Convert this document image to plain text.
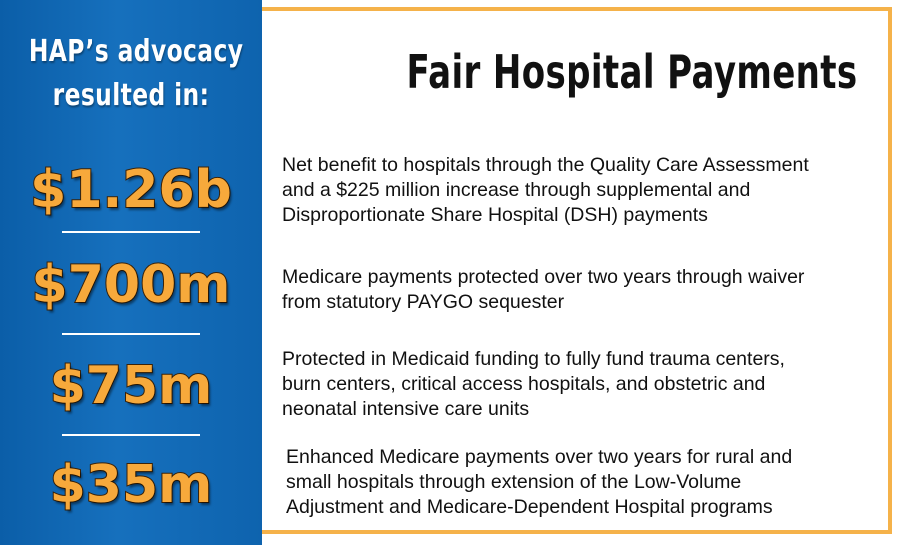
HAP’s advocacy
resulted in:
$1.26b
$700m
$75m
$35m
Fair Hospital Payments
Net benefit to hospitals through the Quality Care Assessment
and a $225 million increase through supplemental and
Disproportionate Share Hospital (DSH) payments
Medicare payments protected over two years through waiver
from statutory PAYGO sequester
Protected in Medicaid funding to fully fund trauma centers,
burn centers, critical access hospitals, and obstetric and
neonatal intensive care units
Enhanced Medicare payments over two years for rural and
small hospitals through extension of the Low-Volume
Adjustment and Medicare-Dependent Hospital programs
